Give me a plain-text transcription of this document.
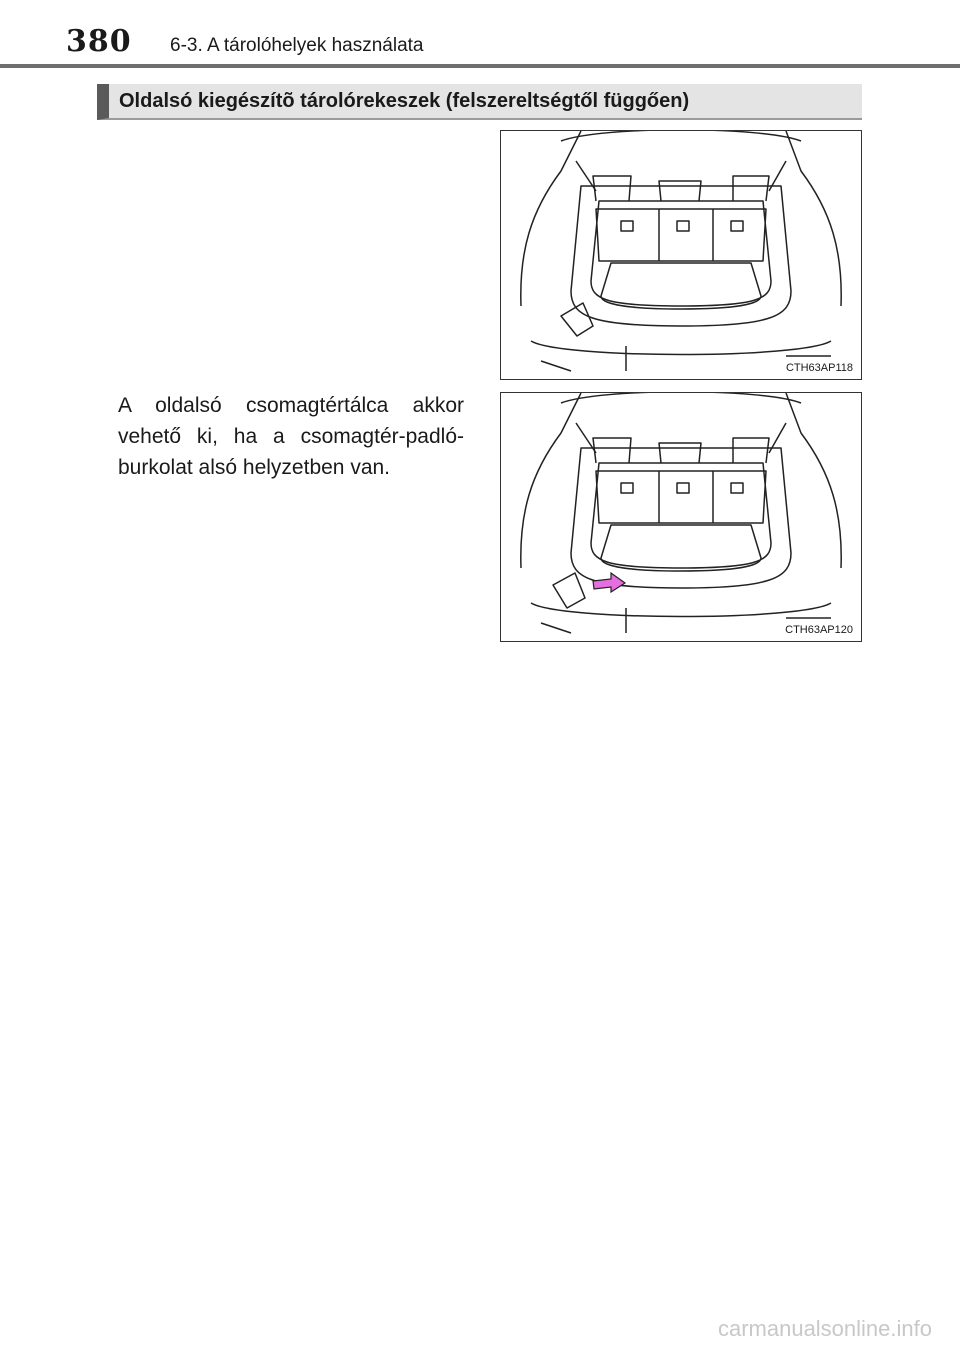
380 6-3. A tárolóhelyek használata
Oldalsó kiegészítõ tárolórekeszek (felszereltségtől függően)
CTH63AP118

A oldalsó csomagtértálca akkor vehető ki, ha a csomagtér-padló-burkolat alsó helyzetben van.

CTH63AP120
carmanualsonline.info
